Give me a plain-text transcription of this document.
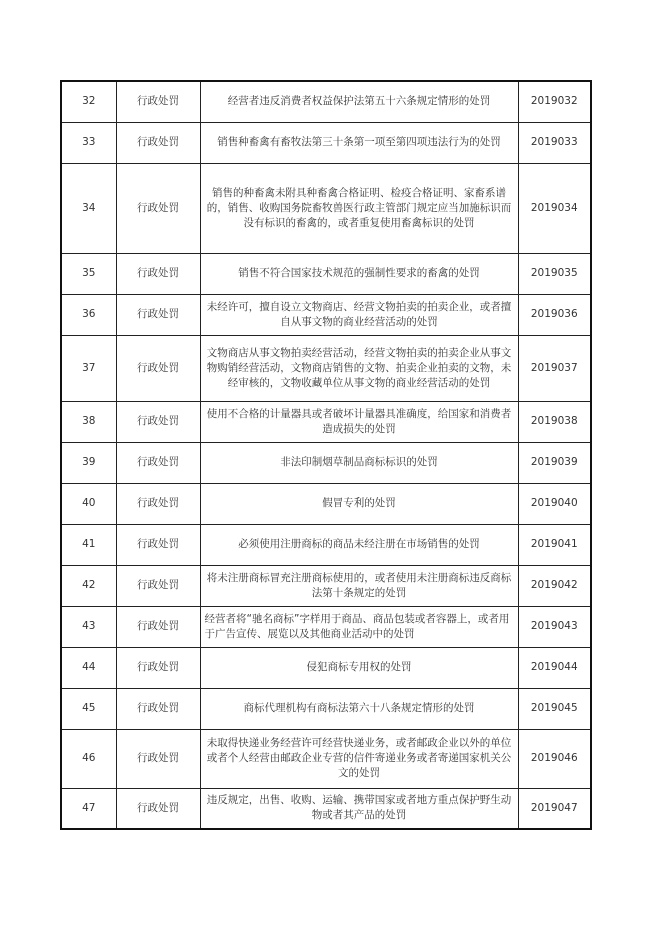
32	行政处罚	经营者违反消费者权益保护法第五十六条规定情形的处罚	2019032
33	行政处罚	销售种畜禽有畜牧法第三十条第一项至第四项违法行为的处罚	2019033
34	行政处罚	销售的种畜禽未附具种畜禽合格证明、检疫合格证明、家畜系谱的，销售、收购国务院畜牧兽医行政主管部门规定应当加施标识而没有标识的畜禽的，或者重复使用畜禽标识的处罚	2019034
35	行政处罚	销售不符合国家技术规范的强制性要求的畜禽的处罚	2019035
36	行政处罚	未经许可，擅自设立文物商店、经营文物拍卖的拍卖企业，或者擅自从事文物的商业经营活动的处罚	2019036
37	行政处罚	文物商店从事文物拍卖经营活动，经营文物拍卖的拍卖企业从事文物购销经营活动，文物商店销售的文物、拍卖企业拍卖的文物，未经审核的，文物收藏单位从事文物的商业经营活动的处罚	2019037
38	行政处罚	使用不合格的计量器具或者破坏计量器具准确度，给国家和消费者造成损失的处罚	2019038
39	行政处罚	非法印制烟草制品商标标识的处罚	2019039
40	行政处罚	假冒专利的处罚	2019040
41	行政处罚	必须使用注册商标的商品未经注册在市场销售的处罚	2019041
42	行政处罚	将未注册商标冒充注册商标使用的，或者使用未注册商标违反商标法第十条规定的处罚	2019042
43	行政处罚	经营者将“驰名商标”字样用于商品、商品包装或者容器上，或者用于广告宣传、展览以及其他商业活动中的处罚	2019043
44	行政处罚	侵犯商标专用权的处罚	2019044
45	行政处罚	商标代理机构有商标法第六十八条规定情形的处罚	2019045
46	行政处罚	未取得快递业务经营许可经营快递业务，或者邮政企业以外的单位或者个人经营由邮政企业专营的信件寄递业务或者寄递国家机关公文的处罚	2019046
47	行政处罚	违反规定，出售、收购、运输、携带国家或者地方重点保护野生动物或者其产品的处罚	2019047
